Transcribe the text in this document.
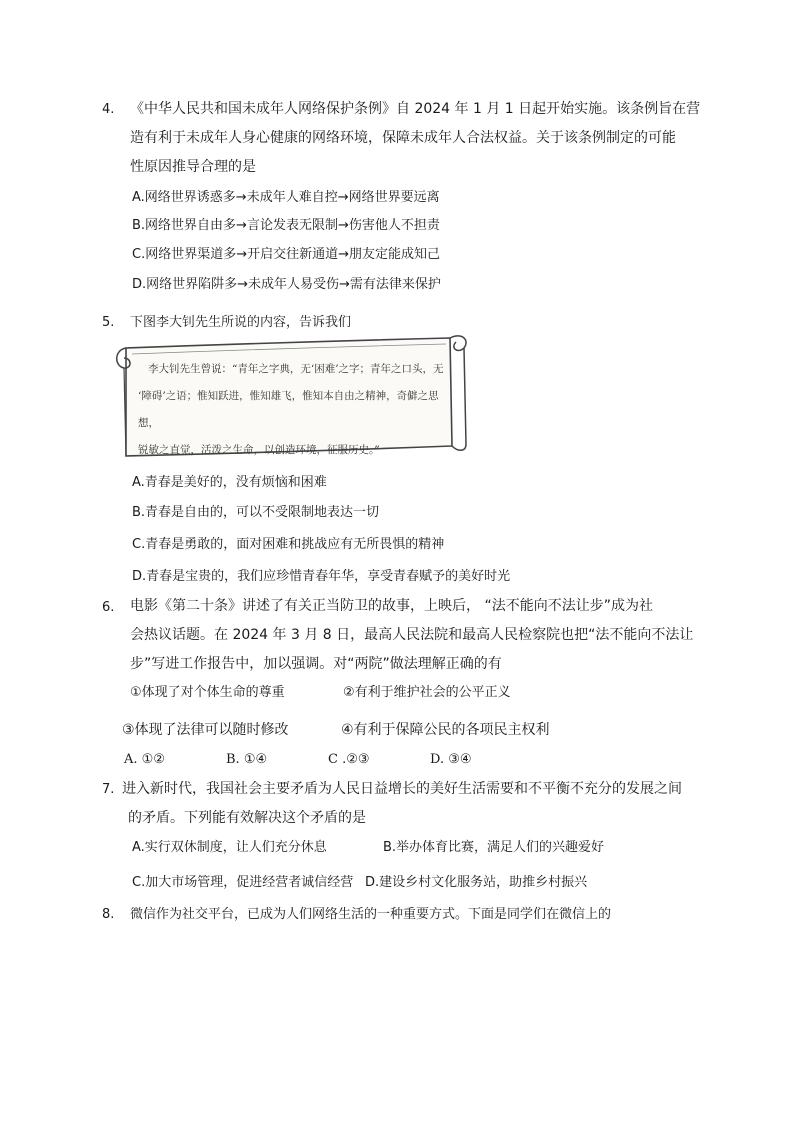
4. 《中华人民共和国未成年人网络保护条例》自 2024 年 1 月 1 日起开始实施。该条例旨在营
造有利于未成年人身心健康的网络环境，保障未成年人合法权益。关于该条例制定的可能
性原因推导合理的是
A.网络世界诱惑多→未成年人难自控→网络世界要远离
B.网络世界自由多→言论发表无限制→伤害他人不担责
C.网络世界渠道多→开启交往新通道→朋友定能成知己
D.网络世界陷阱多→未成年人易受伤→需有法律来保护
5. 下图李大钊先生所说的内容，告诉我们
李大钊先生曾说：“青年之字典，无‘困难’之字；青年之口头，无
‘障碍’之语；惟知跃进，惟知雄飞，惟知本自由之精神，奇僻之思想，
锐敏之直觉，活泼之生命，以创造环境，征服历史。”
A.青春是美好的，没有烦恼和困难
B.青春是自由的，可以不受限制地表达一切
C.青春是勇敢的，面对困难和挑战应有无所畏惧的精神
D.青春是宝贵的，我们应珍惜青春年华，享受青春赋予的美好时光
6. 电影《第二十条》讲述了有关正当防卫的故事，上映后， “法不能向不法让步”成为社
会热议话题。在 2024 年 3 月 8 日，最高人民法院和最高人民检察院也把“法不能向不法让
步”写进工作报告中，加以强调。对“两院”做法理解正确的有
①体现了对个体生命的尊重	②有利于维护社会的公平正义
③体现了法律可以随时修改	④有利于保障公民的各项民主权利
A. ①②	B. ①④	C .②③	D. ③④
7. 进入新时代，我国社会主要矛盾为人民日益增长的美好生活需要和不平衡不充分的发展之间
的矛盾。下列能有效解决这个矛盾的是
A.实行双休制度，让人们充分休息	B.举办体育比赛，满足人们的兴趣爱好
C.加大市场管理，促进经营者诚信经营 D.建设乡村文化服务站，助推乡村振兴
8. 微信作为社交平台，已成为人们网络生活的一种重要方式。下面是同学们在微信上的
